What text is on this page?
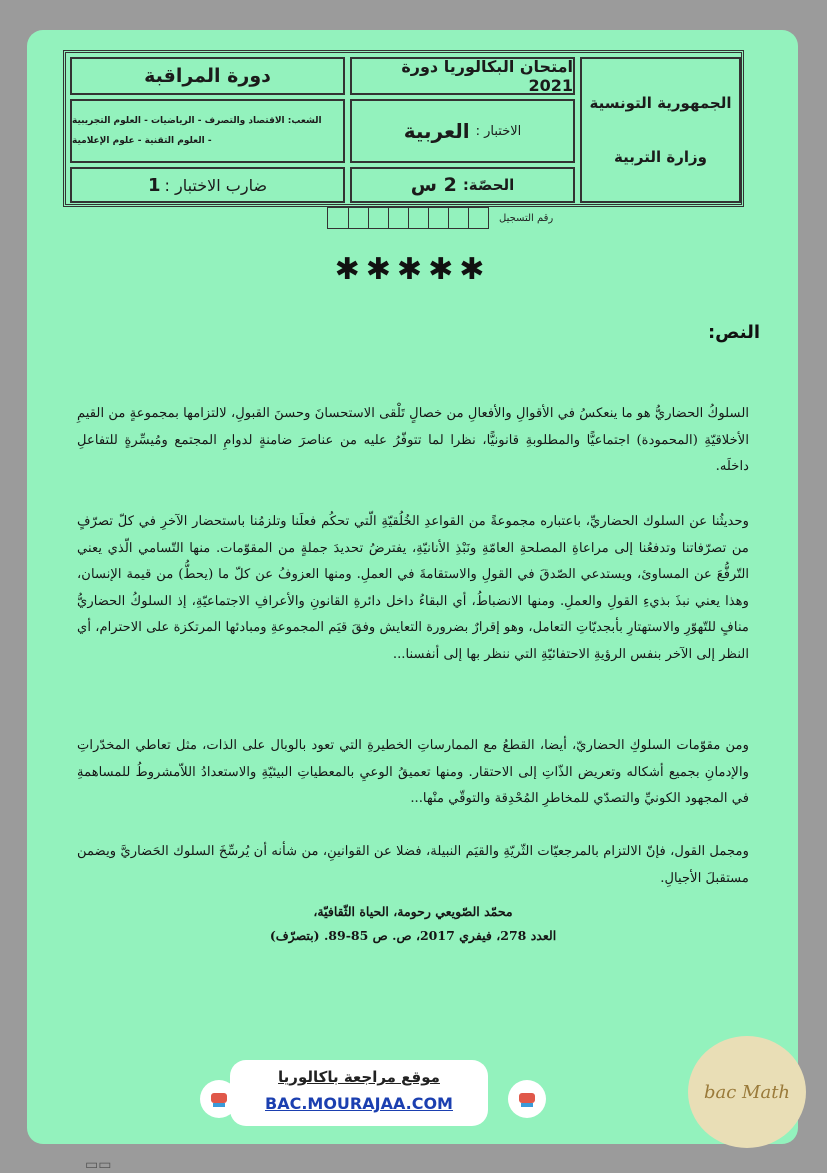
دورة المراقبة
الشعب: الاقتصاد والتصرف - الرياضيات - العلوم التجريبية
- العلوم التقنية - علوم الإعلامية
ضارب الاختبار :
1
امتحان البكالوريا دورة 2021
الاختبار :
العربية
الحصّة:
2 س
الجمهورية التونسية
وزارة التربية
رقم التسجيل
✱✱✱✱✱
النص:

السلوكُ الحضاريُّ هو ما ينعكسُ في الأقوالِ والأفعالِ من خصالٍ تَلْقى الاستحسانَ وحسنَ القبولِ، لالتزامها بمجموعةٍ من القيمِ الأخلاقيّةِ (المحمودة) اجتماعيًّا والمطلوبةِ قانونيًّا، نظرا لما تتوفّرُ عليه من عناصرَ ضامنةٍ لدوامِ المجتمع ومُيسِّرةٍ للتفاعلِ داخلَه.

وحديثُنا عن السلوك الحضاريِّ، باعتباره مجموعةً من القواعدِ الخُلُقيّةِ الّتي تحكُم فعلَنا وتلزمُنا باستحضار الآخرِ في كلّ تصرّفٍ من تصرّفاتنا وتدفعُنا إلى مراعاةِ المصلحةِ العامّةِ ونَبْذِ الأنانيّةِ، يفترضُ تحديدَ جملةٍ من المقوّمات. منها التّسامي الّذي يعني التّرفُّعَ عن المساوئ، ويستدعي الصّدقَ في القولِ والاستقامةَ في العملِ. ومنها العزوفُ عن كلّ ما (يحطُّ) من قيمة الإنسان، وهذا يعني نبذَ بذيءِ القولِ والعملِ. ومنها الانضباطُ، أي البقاءُ داخل دائرةِ القانونِ والأعرافِ الاجتماعيّةِ، إذ السلوكُ الحضاريُّ منافٍ للتّهوّرِ والاستهتارِ بأبجديّاتِ التعامل، وهو إقرارٌ بضرورة التعايش وفقَ قيَم المجموعةِ ومبادئها المرتكزة على الاحترام، أي النظر إلى الآخر بنفس الرؤيةِ الاحتفائيّةِ التي ننظر بها إلى أنفسنا...

ومن مقوّمات السلوكِ الحضاريّ، أيضا، القطعُ مع الممارساتِ الخطيرةِ التي تعود بالوبال على الذات، مثل تعاطي المخدّراتِ والإدمانِ بجميع أشكاله وتعريض الذّاتِ إلى الاحتقار. ومنها تعميقُ الوعيِ بالمعطياتِ البيئيّةِ والاستعدادُ اللاّمشروطُ للمساهمةِ في المجهود الكونيِّ والتصدّي للمخاطرِ المُحْدِقة والتوقّي منْها...

ومجمل القول، فإنّ الالتزام بالمرجعيّات الثّريّةِ والقيَم النبيلة، فضلا عن القوانينِ، من شأنه أن يُرسِّخَ السلوك الحَضاريَّ ويضمن مستقبلَ الأجيالِ.

محمّد الصّويعي رحومة، الحياة الثّقافيّة،
العدد 278، فيفري 2017، ص. ص 85-89. (بتصرّف)
▭▭
موقع مراجعة باكالوريا
BAC.MOURAJAA.COM
bac Math
